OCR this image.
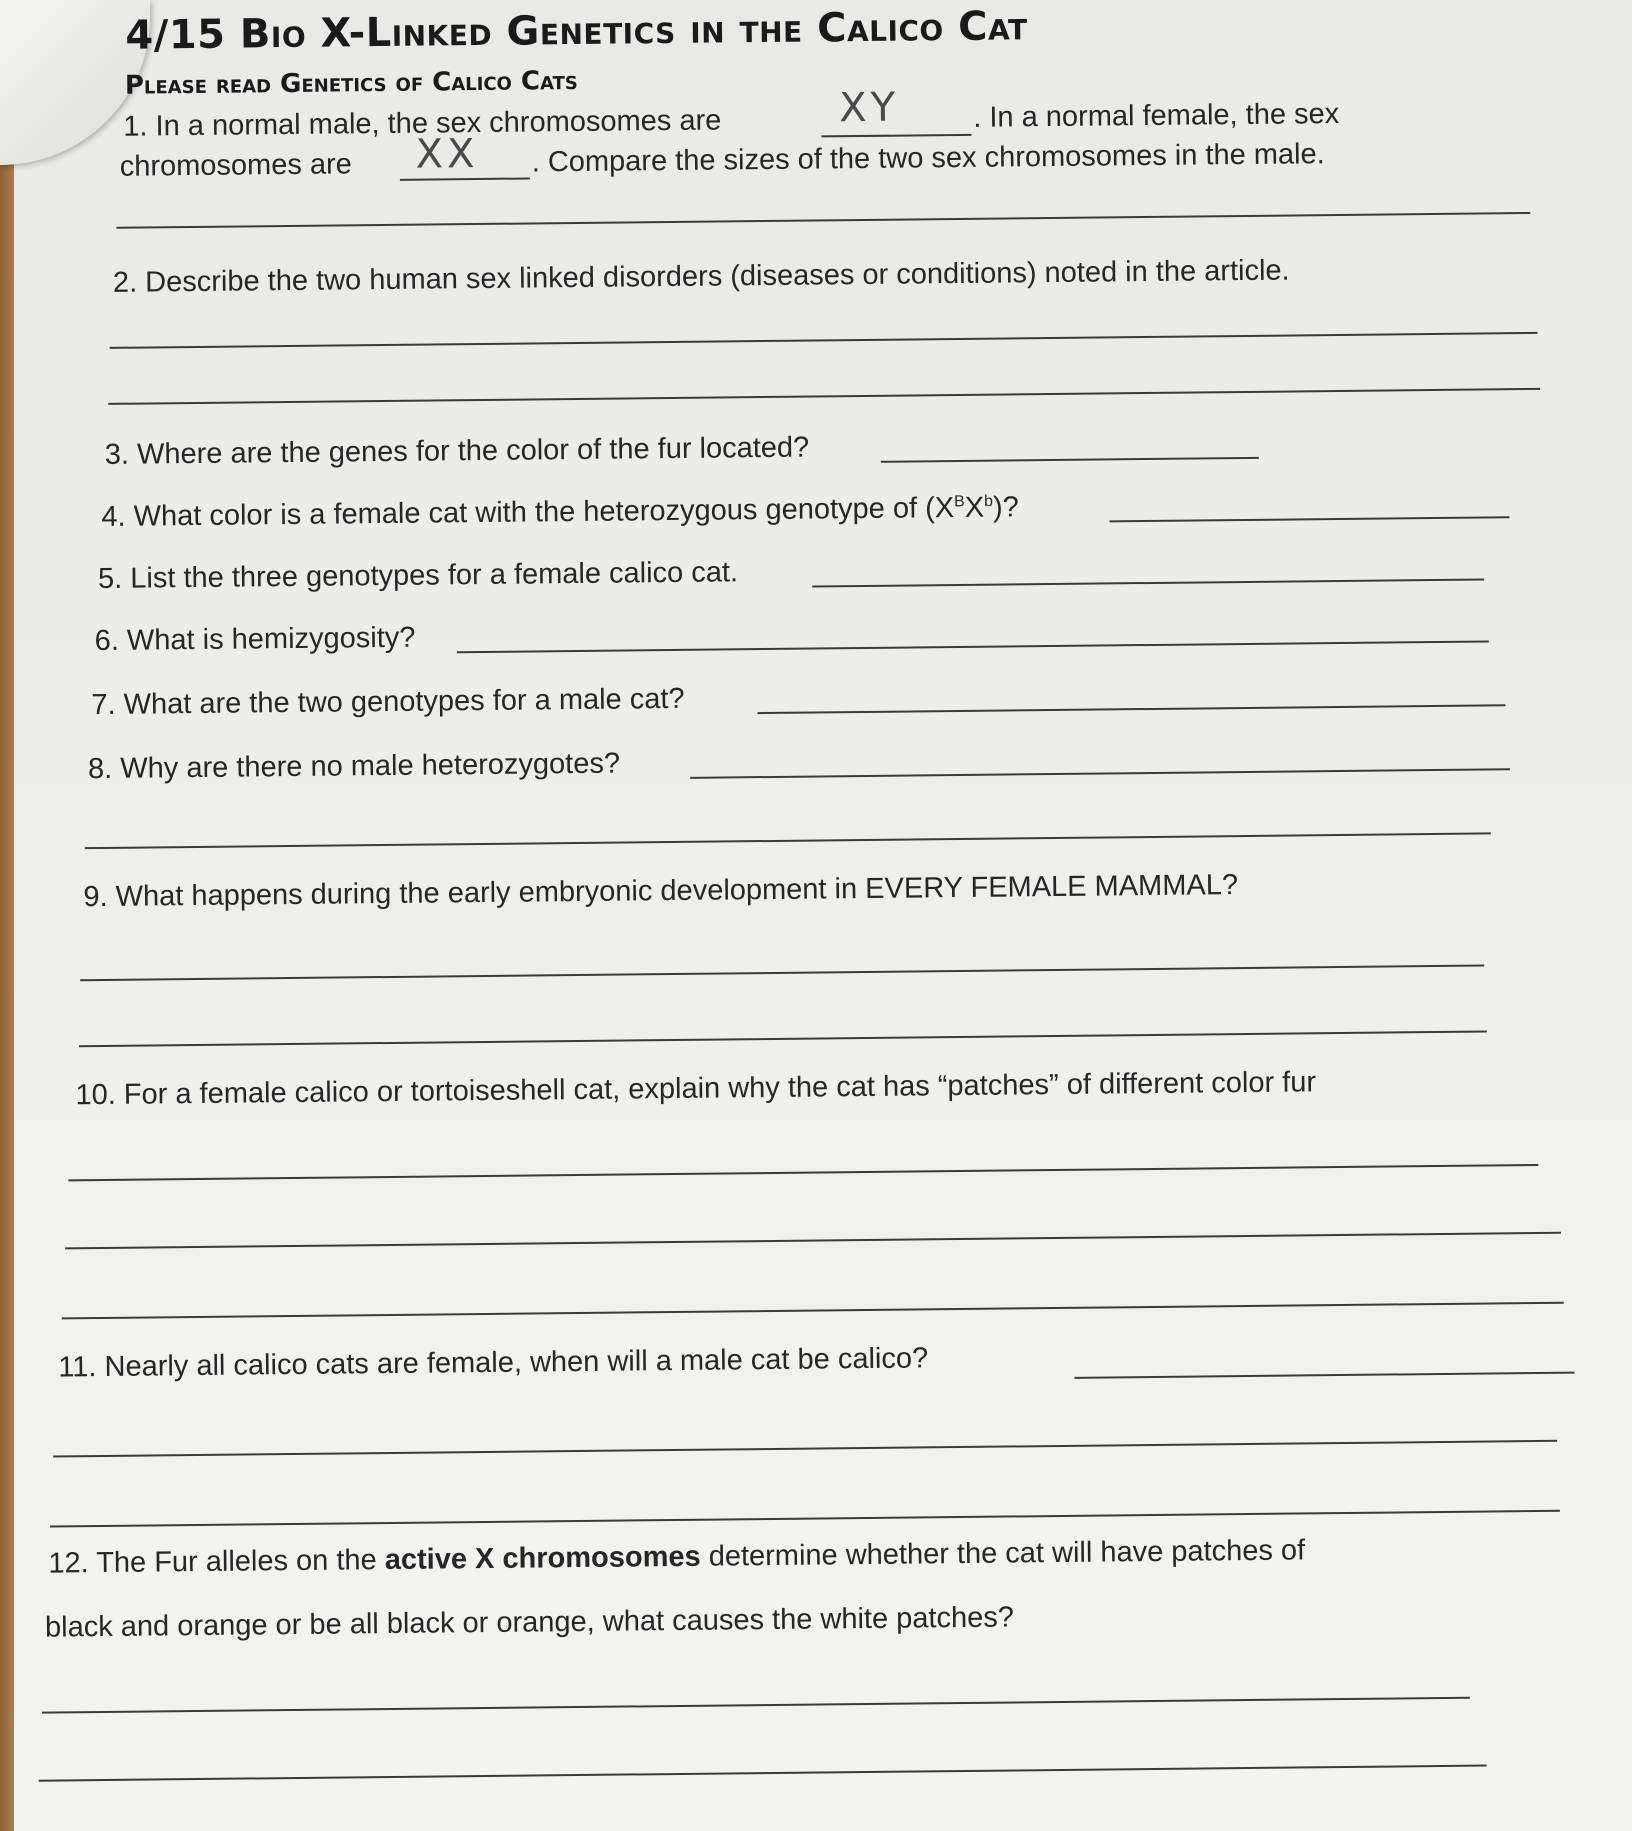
4/15 Bio X-Linked Genetics in the Calico Cat
Please read Genetics of Calico Cats
1. In a normal male, the sex chromosomes are	XY	. In a normal female, the sex
chromosomes are XX . Compare the sizes of the two sex chromosomes in the male.
2. Describe the two human sex linked disorders (diseases or conditions) noted in the article.
3. Where are the genes for the color of the fur located?
4. What color is a female cat with the heterozygous genotype of $(X^BX^b)$?
5. List the three genotypes for a female calico cat.
6. What is hemizygosity?
7. What are the two genotypes for a male cat?
8. Why are there no male heterozygotes?
9. What happens during the early embryonic development in EVERY FEMALE MAMMAL?
10. For a female calico or tortoiseshell cat, explain why the cat has “patches” of different color fur
11. Nearly all calico cats are female, when will a male cat be calico?
12. The Fur alleles on the active X chromosomes determine whether the cat will have patches of
black and orange or be all black or orange, what causes the white patches?
